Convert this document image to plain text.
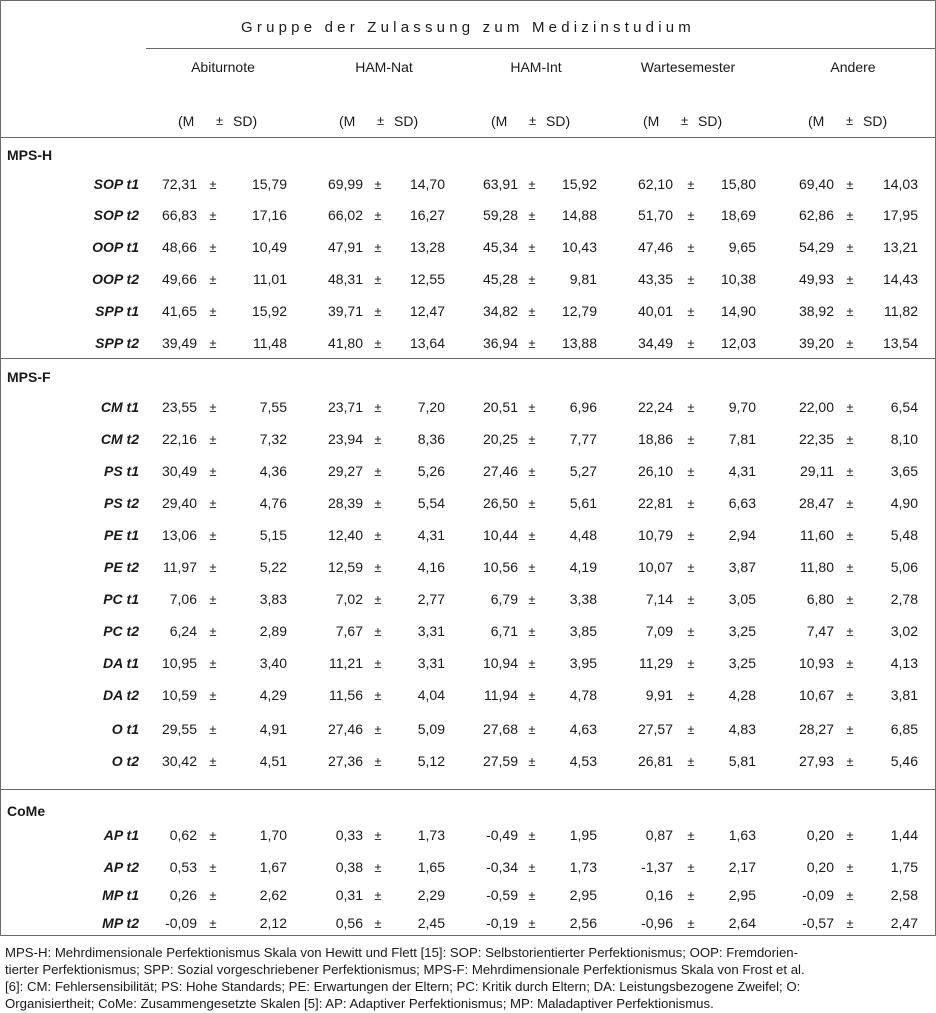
Gruppe der Zulassung zum Medizinstudium
Abiturnote
(M ± SD)
HAM-Nat
(M ± SD)
HAM-Int
(M ± SD)
Wartesemester
(M ± SD)
Andere
(M ± SD)
MPS-H
SOP t1 72,31 ±	15,79	69,99 ± 14,70	63,91 ± 15,92	62,10 ± 15,80	69,40 ± 14,03
SOP t2 66,83 ±	17,16	66,02 ± 16,27	59,28 ± 14,88	51,70 ± 18,69	62,86 ± 17,95
OOP t1 48,66 ±	10,49	47,91 ± 13,28	45,34 ± 10,43	47,46 ± 9,65	54,29 ± 13,21
OOP t2 49,66 ±	11,01	48,31 ± 12,55	45,28 ± 9,81	43,35 ± 10,38	49,93 ± 14,43
SPP t1 41,65 ±	15,92	39,71 ± 12,47	34,82 ± 12,79	40,01 ± 14,90	38,92 ± 11,82
SPP t2 39,49 ±	11,48	41,80 ± 13,64	36,94 ± 13,88	34,49 ± 12,03	39,20 ± 13,54
MPS-F
CM t1 23,55 ±	7,55	23,71 ±	7,20	20,51 ± 6,96	22,24 ± 9,70	22,00 ±	6,54
CM t2 22,16 ±	7,32	23,94 ±	8,36	20,25 ± 7,77	18,86 ± 7,81	22,35 ±	8,10
PS t1 30,49 ±	4,36	29,27 ±	5,26	27,46 ± 5,27	26,10 ± 4,31	29,11 ±	3,65
PS t2 29,40 ±	4,76	28,39 ±	5,54	26,50 ± 5,61	22,81 ± 6,63	28,47 ±	4,90
PE t1 13,06 ±	5,15	12,40 ±	4,31	10,44 ± 4,48	10,79 ± 2,94	11,60 ±	5,48
PE t2 11,97 ±	5,22	12,59 ±	4,16	10,56 ± 4,19	10,07 ± 3,87	11,80 ±	5,06
PC t1 7,06 ±	3,83	7,02 ±	2,77	6,79 ± 3,38	7,14 ± 3,05	6,80 ±	2,78
PC t2 6,24 ±	2,89	7,67 ±	3,31	6,71 ± 3,85	7,09 ± 3,25	7,47 ±	3,02
DA t1 10,95 ±	3,40	11,21 ±	3,31	10,94 ± 3,95	11,29 ± 3,25	10,93 ±	4,13
DA t2 10,59 ±	4,29	11,56 ±	4,04	11,94 ± 4,78	9,91 ± 4,28	10,67 ±	3,81
O t1 29,55 ±	4,91	27,46 ±	5,09	27,68 ± 4,63	27,57 ± 4,83	28,27 ±	6,85
O t2 30,42 ±	4,51	27,36 ±	5,12	27,59 ± 4,53	26,81 ± 5,81	27,93 ±	5,46
CoMe
AP t1 0,62 ±	1,70	0,33 ±	1,73	-0,49 ± 1,95	0,87 ± 1,63	0,20 ±	1,44
AP t2 0,53 ±	1,67	0,38 ±	1,65	-0,34 ± 1,73	-1,37 ± 2,17	0,20 ±	1,75
MP t1 0,26 ±	2,62	0,31 ±	2,29	-0,59 ± 2,95	0,16 ± 2,95	-0,09 ±	2,58
MP t2 -0,09 ±	2,12	0,56 ±	2,45	-0,19 ± 2,56	-0,96 ± 2,64	-0,57 ±	2,47
MPS-H: Mehrdimensionale Perfektionismus Skala von Hewitt und Flett [15]: SOP: Selbstorientierter Perfektionismus; OOP: Fremdorien-
tierter Perfektionismus; SPP: Sozial vorgeschriebener Perfektionismus; MPS-F: Mehrdimensionale Perfektionismus Skala von Frost et al.
[6]: CM: Fehlersensibilität; PS: Hohe Standards; PE: Erwartungen der Eltern; PC: Kritik durch Eltern; DA: Leistungsbezogene Zweifel; O:
Organisiertheit; CoMe: Zusammengesetzte Skalen [5]: AP: Adaptiver Perfektionismus; MP: Maladaptiver Perfektionismus.
